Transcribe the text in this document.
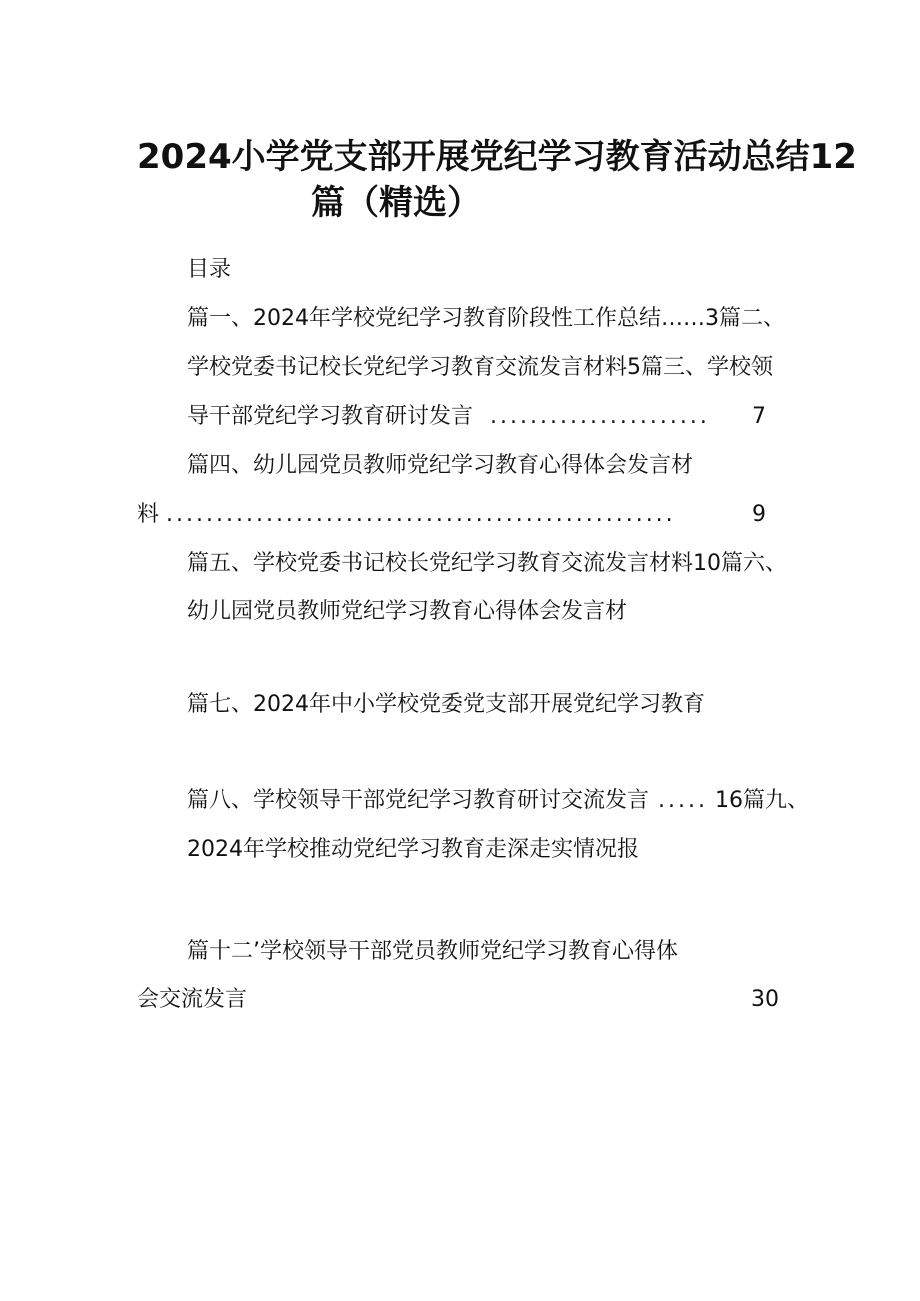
2024小学党支部开展党纪学习教育活动总结12
篇（精选）
目录
篇一、2024年学校党纪学习教育阶段性工作总结……3篇二、
学校党委书记校长党纪学习教育交流发言材料5篇三、学校领
导干部党纪学习教育研讨发言 ...................... 7
篇四、幼儿园党员教师党纪学习教育心得体会发言材
料 ...................................................	9
篇五、学校党委书记校长党纪学习教育交流发言材料10篇六、
幼儿园党员教师党纪学习教育心得体会发言材
篇七、2024年中小学校党委党支部开展党纪学习教育
篇八、学校领导干部党纪学习教育研讨交流发言 ..... 16篇九、
2024年学校推动党纪学习教育走深走实情况报
篇十二’学校领导干部党员教师党纪学习教育心得体
会交流发言	30
